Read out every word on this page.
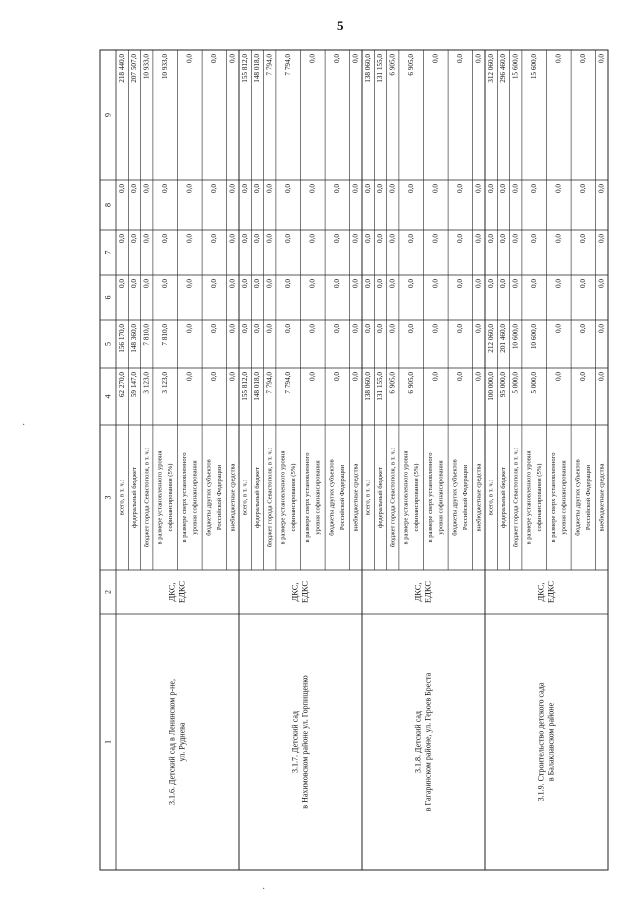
5
1
2
3
4
5
6
7
8
9
3.1.6. Детский сад в Ленинском р-не, ул. Руднева
ДКС, ЕДКС
всего, в т. ч.:
62 270,0
156 170,0
0,0
0,0
0,0
218 440,0
федеральный бюджет
59 147,0
148 360,0
0,0
0,0
0,0
207 507,0
бюджет города Севастополя, в т. ч.:
3 123,0
7 810,0
0,0
0,0
0,0
10 933,0
в размере установленного уровня софинансирования (5%)
3 123,0
7 810,0
0,0
0,0
0,0
10 933,0
в размере сверх установленного уровня софинансирования
0,0
0,0
0,0
0,0
0,0
0,0
бюджеты других субъектов Российской Федерации
0,0
0,0
0,0
0,0
0,0
0,0
внебюджетные средства
0,0
0,0
0,0
0,0
0,0
0,0
3.1.7. Детский сад в Нахимовском районе ул. Горпищенко
ДКС, ЕДКС
всего, в т. ч.:
155 812,0
0,0
0,0
0,0
0,0
155 812,0
федеральный бюджет
148 018,0
0,0
0,0
0,0
0,0
148 018,0
бюджет города Севастополя, в т. ч.:
7 794,0
0,0
0,0
0,0
0,0
7 794,0
в размере установленного уровня софинансирования (5%)
7 794,0
0,0
0,0
0,0
0,0
7 794,0
в размере сверх установленного уровня софинансирования
0,0
0,0
0,0
0,0
0,0
0,0
бюджеты других субъектов Российской Федерации
0,0
0,0
0,0
0,0
0,0
0,0
внебюджетные средства
0,0
0,0
0,0
0,0
0,0
0,0
3.1.8. Детский сад в Гагаринском районе, ул. Героев Бреста
ДКС, ЕДКС
всего, в т. ч.:
138 060,0
0,0
0,0
0,0
0,0
138 060,0
федеральный бюджет
131 155,0
0,0
0,0
0,0
0,0
131 155,0
бюджет города Севастополя, в т. ч.:
6 905,0
0,0
0,0
0,0
0,0
6 905,0
в размере установленного уровня софинансирования (5%)
6 905,0
0,0
0,0
0,0
0,0
6 905,0
в размере сверх установленного уровня софинансирования
0,0
0,0
0,0
0,0
0,0
0,0
бюджеты других субъектов Российской Федерации
0,0
0,0
0,0
0,0
0,0
0,0
внебюджетные средства
0,0
0,0
0,0
0,0
0,0
0,0
3.1.9. Строительство детского сада в Балаклавском районе
ДКС, ЕДКС
всего, в т. ч.:
100 000,0
212 060,0
0,0
0,0
0,0
312 060,0
федеральный бюджет
95 000,0
201 460,0
0,0
0,0
0,0
296 460,0
бюджет города Севастополя, в т. ч.:
5 000,0
10 600,0
0,0
0,0
0,0
15 600,0
в размере установленного уровня софинансирования (5%)
5 000,0
10 600,0
0,0
0,0
0,0
15 600,0
в размере сверх установленного уровня софинансирования
0,0
0,0
0,0
0,0
0,0
0,0
бюджеты других субъектов Российской Федерации
0,0
0,0
0,0
0,0
0,0
0,0
внебюджетные средства
0,0
0,0
0,0
0,0
0,0
0,0
·
·
